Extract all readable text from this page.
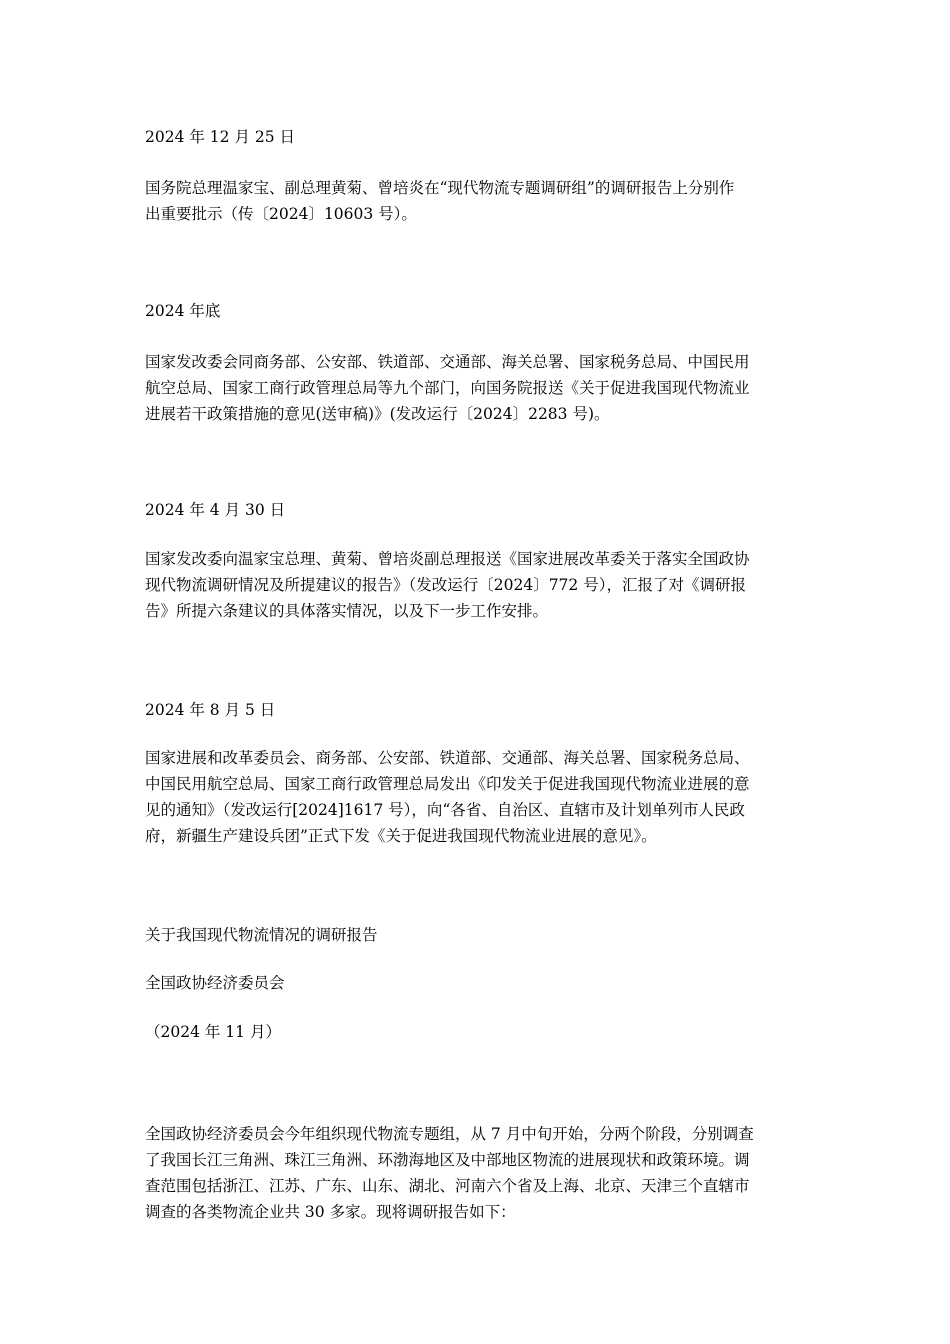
2024 年 12 月 25 日

国务院总理温家宝、副总理黄菊、曾培炎在“现代物流专题调研组”的调研报告上分别作

出重要批示（传〔2024〕10603 号）。

2024 年底

国家发改委会同商务部、公安部、铁道部、交通部、海关总署、国家税务总局、中国民用

航空总局、国家工商行政管理总局等九个部门，向国务院报送《关于促进我国现代物流业

进展若干政策措施的意见(送审稿)》(发改运行〔2024〕2283 号)。

2024 年 4 月 30 日

国家发改委向温家宝总理、黄菊、曾培炎副总理报送《国家进展改革委关于落实全国政协

现代物流调研情况及所提建议的报告》（发改运行〔2024〕772 号），汇报了对《调研报

告》所提六条建议的具体落实情况，以及下一步工作安排。

2024 年 8 月 5 日

国家进展和改革委员会、商务部、公安部、铁道部、交通部、海关总署、国家税务总局、

中国民用航空总局、国家工商行政管理总局发出《印发关于促进我国现代物流业进展的意

见的通知》（发改运行[2024]1617 号），向“各省、自治区、直辖市及计划单列市人民政

府，新疆生产建设兵团”正式下发《关于促进我国现代物流业进展的意见》。

关于我国现代物流情况的调研报告

全国政协经济委员会

（2024 年 11 月）

全国政协经济委员会今年组织现代物流专题组，从 7 月中旬开始，分两个阶段，分别调查

了我国长江三角洲、珠江三角洲、环渤海地区及中部地区物流的进展现状和政策环境。调

查范围包括浙江、江苏、广东、山东、湖北、河南六个省及上海、北京、天津三个直辖市

调查的各类物流企业共 30 多家。现将调研报告如下：
